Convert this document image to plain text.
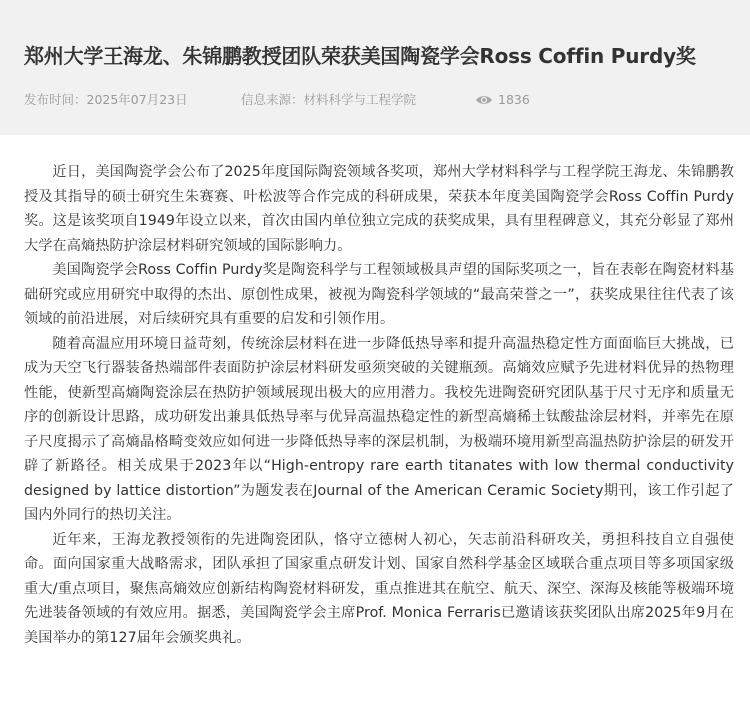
郑州大学王海龙、朱锦鹏教授团队荣获美国陶瓷学会Ross Coffin Purdy奖
发布时间：2025年07月23日	信息来源：材料科学与工程学院	1836

近日，美国陶瓷学会公布了2025年度国际陶瓷领域各奖项，郑州大学材料科学与工程学院王海龙、朱锦鹏教授及其指导的硕士研究生朱赛赛、叶松波等合作完成的科研成果，荣获本年度美国陶瓷学会Ross Coffin Purdy奖。这是该奖项自1949年设立以来，首次由国内单位独立完成的获奖成果，具有里程碑意义，其充分彰显了郑州大学在高熵热防护涂层材料研究领域的国际影响力。

美国陶瓷学会Ross Coffin Purdy奖是陶瓷科学与工程领域极具声望的国际奖项之一，旨在表彰在陶瓷材料基础研究或应用研究中取得的杰出、原创性成果，被视为陶瓷科学领域的“最高荣誉之一”，获奖成果往往代表了该领域的前沿进展，对后续研究具有重要的启发和引领作用。

随着高温应用环境日益苛刻，传统涂层材料在进一步降低热导率和提升高温热稳定性方面面临巨大挑战，已成为天空飞行器装备热端部件表面防护涂层材料研发亟须突破的关键瓶颈。高熵效应赋予先进材料优异的热物理性能，使新型高熵陶瓷涂层在热防护领域展现出极大的应用潜力。我校先进陶瓷研究团队基于尺寸无序和质量无序的创新设计思路，成功研发出兼具低热导率与优异高温热稳定性的新型高熵稀土钛酸盐涂层材料，并率先在原子尺度揭示了高熵晶格畸变效应如何进一步降低热导率的深层机制，为极端环境用新型高温热防护涂层的研发开辟了新路径。相关成果于2023年以“High-entropy rare earth titanates with low thermal conductivity designed by lattice distortion”为题发表在Journal of the American Ceramic Society期刊，该工作引起了国内外同行的热切关注。

近年来，王海龙教授领衔的先进陶瓷团队，恪守立德树人初心，矢志前沿科研攻关，勇担科技自立自强使命。面向国家重大战略需求，团队承担了国家重点研发计划、国家自然科学基金区域联合重点项目等多项国家级重大/重点项目，聚焦高熵效应创新结构陶瓷材料研发，重点推进其在航空、航天、深空、深海及核能等极端环境先进装备领域的有效应用。据悉，美国陶瓷学会主席Prof. Monica Ferraris已邀请该获奖团队出席2025年9月在美国举办的第127届年会颁奖典礼。
